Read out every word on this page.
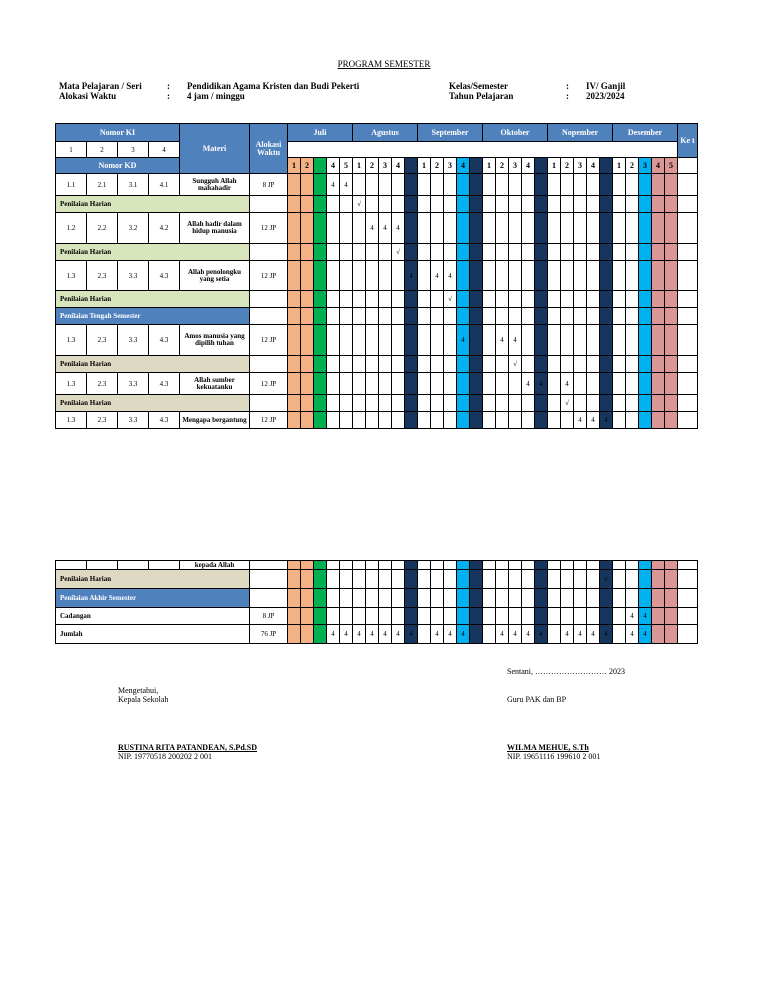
PROGRAM SEMESTER
Mata Pelajaran / Seri	: Pendidikan Agama Kristen dan Budi Pekerti
Alokasi Waktu	: 4 jam / minggu
Kelas/Semester	: IV/ Ganjil
Tahun Pelajaran	: 2023/2024
Nomor KI				Materi	Alokasi Waktu	Juli					Agustus					September					Oktober					Nopember					Desember					Ke t
1	2	3	4																																	
Nomor KD						1	2		4	5	1	2	3	4		1	2	3	4		1	2	3	4		1	2	3	4		1	2	3	4	5	
1.1	2.1	3.1	4.1	Sungguh Allah mahahadir	8 JP				4	4																										
Penilaian Harian											√																									
1.2	2.2	3.2	4.2	Allah hadir dalam hidup manusia	12 JP							4	4	4																						
Penilaian Harian														√																						
1.3	2.3	3.3	4.3	Allah penolongku yang setia	12 JP										4		4	4																		
Penilaian Harian																		√																		
Penilaian Tengah Semester																																				
1.3	2.3	3.3	4.3	Amos manusia yang dipilih tuhan	12 JP														4			4	4													
Penilaian Harian																							√													
1.3	2.3	3.3	4.3	Allah sumber kekuatanku	12 JP																			4	4		4									
Penilaian Harian																											√									
1.3	2.3	3.3	4.3	Mengapa bergantung	12 JP																							4	4	4						
				kepada Allah																																
Penilaian Harian																														√						
Penilaian Akhir Semester																																				
Cadangan					8 JP																											4	4			
Jumlah					76 JP				4	4	4	4	4	4	4		4	4	4			4	4	4	4		4	4	4	4		4	4			
Sentani, ……………………… 2023
Mengetahui,
Kepala Sekolah	Guru PAK dan BP
RUSTINA RITA PATANDEAN, S.Pd.SD
NIP. 19770518 200202 2 001
WILMA MEHUE, S.Th
NIP. 19651116 199610 2 001
